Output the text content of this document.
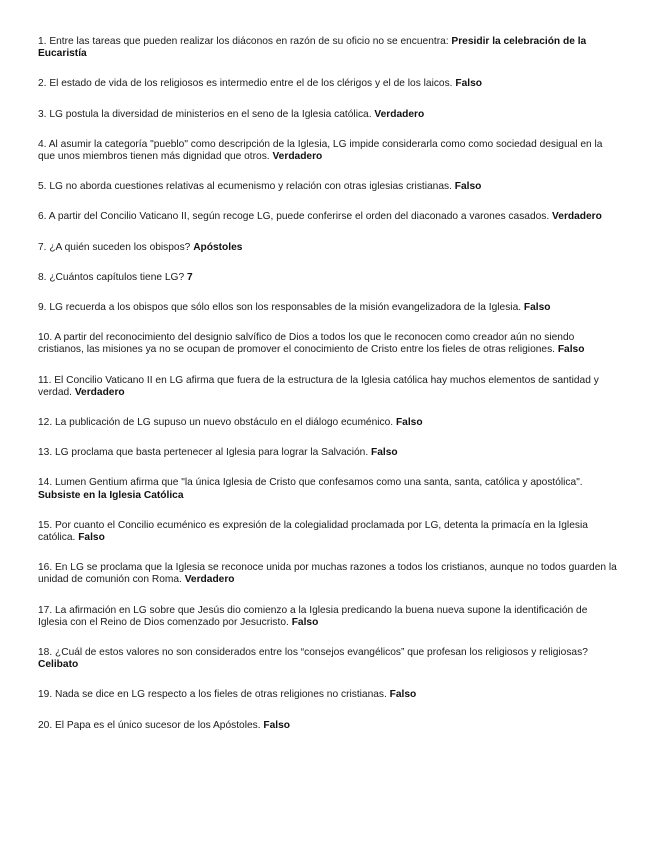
1. Entre las tareas que pueden realizar los diáconos en razón de su oficio no se encuentra: Presidir la celebración de la Eucaristía

2. El estado de vida de los religiosos es intermedio entre el de los clérigos y el de los laicos. Falso

3. LG postula la diversidad de ministerios en el seno de la Iglesia católica. Verdadero

4. Al asumir la categoría "pueblo" como descripción de la Iglesia, LG impide considerarla como como sociedad desigual en la que unos miembros tienen más dignidad que otros. Verdadero

5. LG no aborda cuestiones relativas al ecumenismo y relación con otras iglesias cristianas. Falso

6. A partir del Concilio Vaticano II, según recoge LG, puede conferirse el orden del diaconado a varones casados. Verdadero

7. ¿A quién suceden los obispos? Apóstoles

8. ¿Cuántos capítulos tiene LG? 7

9. LG recuerda a los obispos que sólo ellos son los responsables de la misión evangelizadora de la Iglesia. Falso

10. A partir del reconocimiento del designio salvífico de Dios a todos los que le reconocen como creador aún no siendo cristianos, las misiones ya no se ocupan de promover el conocimiento de Cristo entre los fieles de otras religiones. Falso

11. El Concilio Vaticano II en LG afirma que fuera de la estructura de la Iglesia católica hay muchos elementos de santidad y verdad. Verdadero

12. La publicación de LG supuso un nuevo obstáculo en el diálogo ecuménico. Falso

13. LG proclama que basta pertenecer al Iglesia para lograr la Salvación. Falso

14. Lumen Gentium afirma que "la única Iglesia de Cristo que confesamos como una santa, santa, católica y apostólica". Subsiste en la Iglesia Católica

15. Por cuanto el Concilio ecuménico es expresión de la colegialidad proclamada por LG, detenta la primacía en la Iglesia católica. Falso

16. En LG se proclama que la Iglesia se reconoce unida por muchas razones a todos los cristianos, aunque no todos guarden la unidad de comunión con Roma. Verdadero

17. La afirmación en LG sobre que Jesús dio comienzo a la Iglesia predicando la buena nueva supone la identificación de Iglesia con el Reino de Dios comenzado por Jesucristo. Falso

18. ¿Cuál de estos valores no son considerados entre los “consejos evangélicos” que profesan los religiosos y religiosas? Celibato

19. Nada se dice en LG respecto a los fieles de otras religiones no cristianas. Falso

20. El Papa es el único sucesor de los Apóstoles. Falso
